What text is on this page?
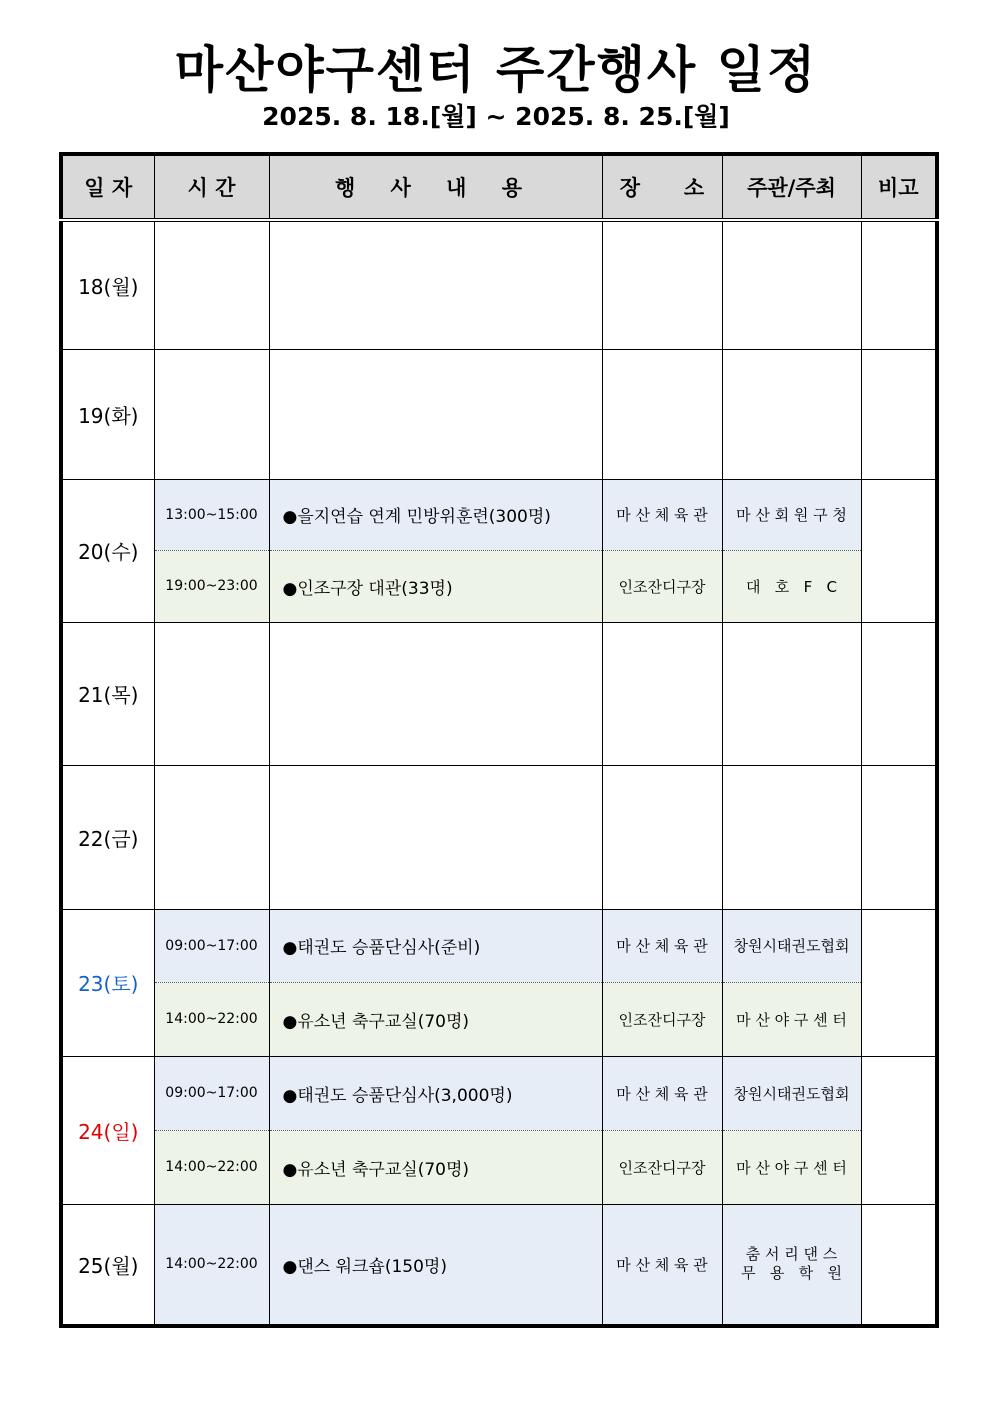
마산야구센터 주간행사 일정
2025. 8. 18.[월] ~ 2025. 8. 25.[월]
일 자	시 간	행 사 내 용	장      소	주관/주최	비고
18(월)					
19(화)					
20(수)	13:00~15:00	●을지연습 연계 민방위훈련(300명)	마 산 체 육 관	마 산 회 원 구 청	
	19:00~23:00	●인조구장 대관(33명)	인조잔디구장	대   호   F   C	
21(목)					
22(금)					
23(토)	09:00~17:00	●태권도 승품단심사(준비)	마 산 체 육 관	창원시태권도협회	
	14:00~22:00	●유소년 축구교실(70명)	인조잔디구장	마 산 야 구 센 터	
24(일)	09:00~17:00	●태권도 승품단심사(3,000명)	마 산 체 육 관	창원시태권도협회	
	14:00~22:00	●유소년 축구교실(70명)	인조잔디구장	마 산 야 구 센 터	
25(월)	14:00~22:00	●댄스 워크숍(150명)	마 산 체 육 관	춤 서 리 댄 스
무   용   학   원	
